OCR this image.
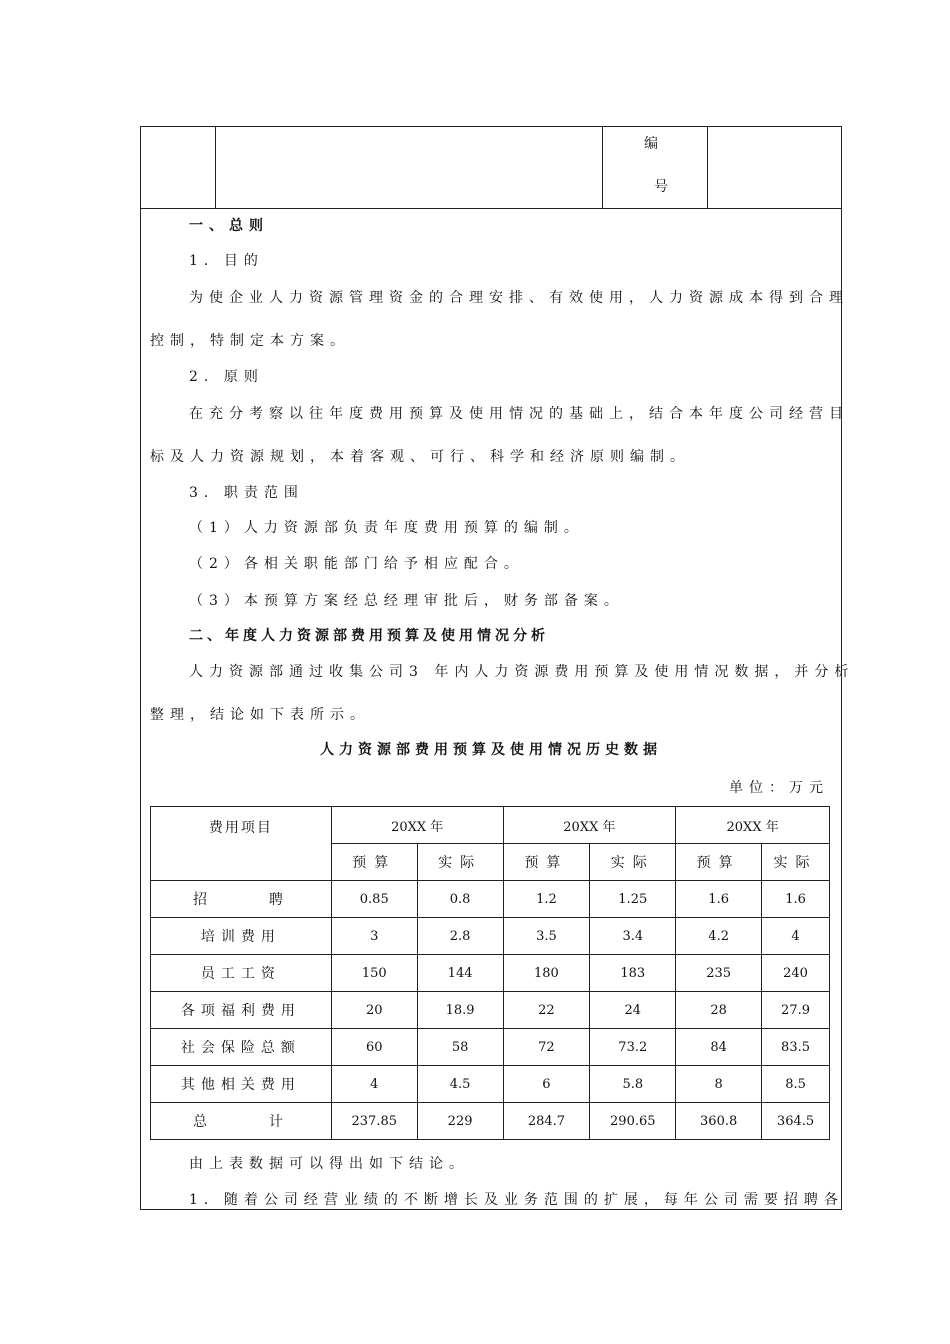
编
号
一、总则
1．目的
为使企业人力资源管理资金的合理安排、有效使用，人力资源成本得到合理
控制，特制定本方案。
2．原则
在充分考察以往年度费用预算及使用情况的基础上，结合本年度公司经营目
标及人力资源规划，本着客观、可行、科学和经济原则编制。
3．职责范围
（1）人力资源部负责年度费用预算的编制。
（2）各相关职能部门给予相应配合。
（3）本预算方案经总经理审批后，财务部备案。
二、年度人力资源部费用预算及使用情况分析
人力资源部通过收集公司3 年内人力资源费用预算及使用情况数据，并分析
整理，结论如下表所示。
人力资源部费用预算及使用情况历史数据
单位：万元
费用项目	20XX 年		20XX 年		20XX 年	
	预算	实际	预算	实际	预算	实际

招 聘	0.85	0.8	1.2	1.25	1.6	1.6
培训费用	3	2.8	3.5	3.4	4.2	4
员工工资	150	144	180	183	235	240
各项福利费用	20	18.9	22	24	28	27.9
社会保险总额	60	58	72	73.2	84	83.5
其他相关费用	4	4.5	6	5.8	8	8.5

总 计	237.85	229	284.7	290.65	360.8	364.5
由上表数据可以得出如下结论。
1．随着公司经营业绩的不断增长及业务范围的扩展，每年公司需要招聘各
